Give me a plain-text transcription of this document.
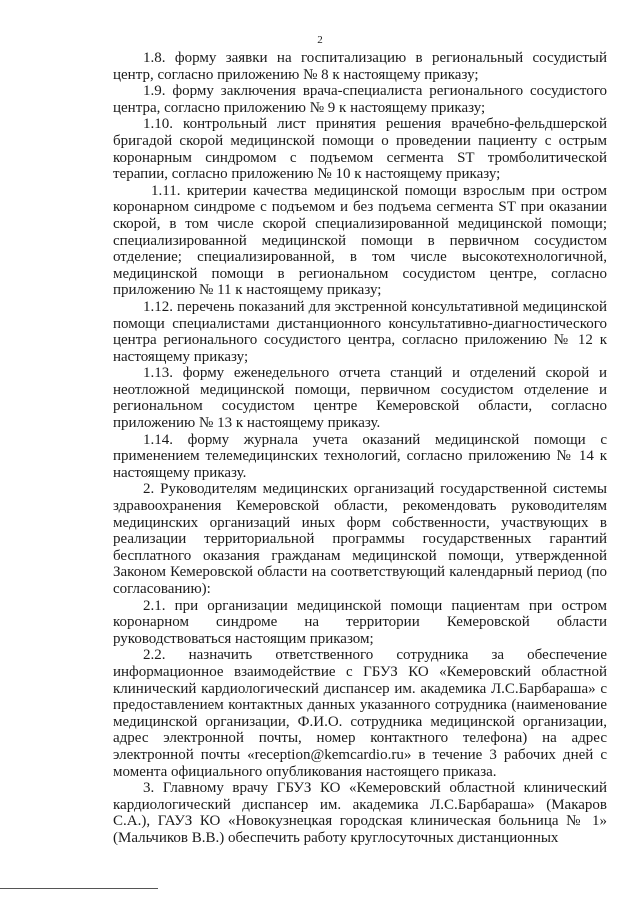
2

1.8. форму заявки на госпитализацию в региональный сосудистый центр, согласно приложению № 8 к настоящему приказу;

1.9. форму заключения врача-специалиста регионального сосудистого центра, согласно приложению № 9 к настоящему приказу;

1.10. контрольный лист принятия решения врачебно-фельдшерской бригадой скорой медицинской помощи о проведении пациенту с острым коронарным синдромом с подъемом сегмента ST тромболитической терапии, согласно приложению № 10 к настоящему приказу;

1.11. критерии качества медицинской помощи взрослым при остром коронарном синдроме с подъемом и без подъема сегмента ST при оказании скорой, в том числе скорой специализированной медицинской помощи; специализированной медицинской помощи в первичном сосудистом отделение; специализированной, в том числе высокотехнологичной, медицинской помощи в региональном сосудистом центре, согласно приложению № 11 к настоящему приказу;

1.12. перечень показаний для экстренной консультативной медицинской помощи специалистами дистанционного консультативно-диагностического центра регионального сосудистого центра, согласно приложению № 12 к настоящему приказу;

1.13. форму еженедельного отчета станций и отделений скорой и неотложной медицинской помощи, первичном сосудистом отделение и региональном сосудистом центре Кемеровской области, согласно приложению № 13 к настоящему приказу.

1.14. форму журнала учета оказаний медицинской помощи с применением телемедицинских технологий, согласно приложению № 14 к настоящему приказу.

2. Руководителям медицинских организаций государственной системы здравоохранения Кемеровской области, рекомендовать руководителям медицинских организаций иных форм собственности, участвующих в реализации территориальной программы государственных гарантий бесплатного оказания гражданам медицинской помощи, утвержденной Законом Кемеровской области на соответствующий календарный период (по согласованию):

2.1. при организации медицинской помощи пациентам при остром коронарном синдроме на территории Кемеровской области руководствоваться настоящим приказом;

2.2. назначить ответственного сотрудника за обеспечение информационное взаимодействие с ГБУЗ КО «Кемеровский областной клинический кардиологический диспансер им. академика Л.С.Барбараша» с предоставлением контактных данных указанного сотрудника (наименование медицинской организации, Ф.И.О. сотрудника медицинской организации, адрес электронной почты, номер контактного телефона) на адрес электронной почты «reception@kemcardio.ru» в течение 3 рабочих дней с момента официального опубликования настоящего приказа.

3. Главному врачу ГБУЗ КО «Кемеровский областной клинический кардиологический диспансер им. академика Л.С.Барбараша» (Макаров С.А.), ГАУЗ КО «Новокузнецкая городская клиническая больница № 1» (Мальчиков В.В.) обеспечить работу круглосуточных дистанционных
